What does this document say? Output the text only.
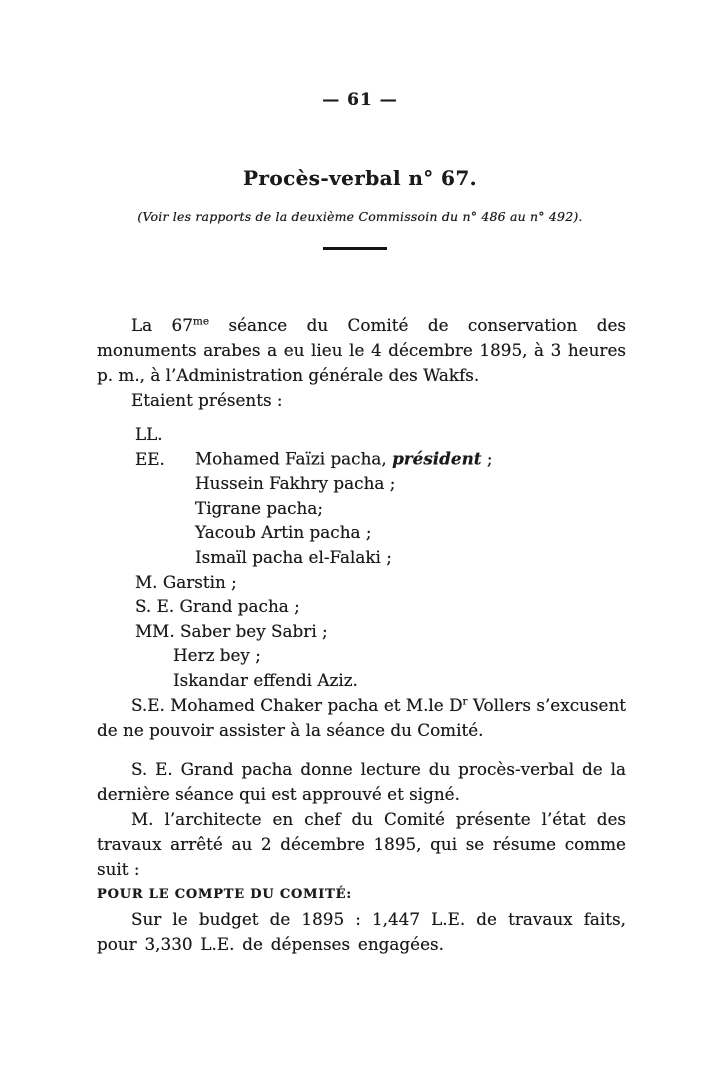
— 61 —
Procès-verbal n° 67.
(Voir les rapports de la deuxième Commissoin du n° 486 au n° 492).

La $67^{me}$ séance du Comité de conservation des monuments arabes a eu lieu le 4 décembre 1895, à 3 heures p. m., à l’Administration générale des Wakfs.

Etaient présents :

LL. EE. Mohamed Faïzi pacha, président ;
Hussein Fakhry pacha ;
Tigrane pacha;
Yacoub Artin pacha ;
Ismaïl pacha el-Falaki ;
M. Garstin ;
S. E. Grand pacha ;
MM. Saber bey Sabri ;
Herz bey ;
Iskandar effendi Aziz.

S.E. Mohamed Chaker pacha et M.le $D^r$ Vollers s’excusent de ne pouvoir assister à la séance du Comité.

S. E. Grand pacha donne lecture du procès-verbal de la dernière séance qui est approuvé et signé.

M. l’architecte en chef du Comité présente l’état des travaux arrêté au 2 décembre 1895, qui se résume comme suit :

POUR LE COMPTE DU COMITÉ:

Sur le budget de 1895 : 1,447 L.E. de travaux faits, pour 3,330 L.E. de dépenses engagées.
